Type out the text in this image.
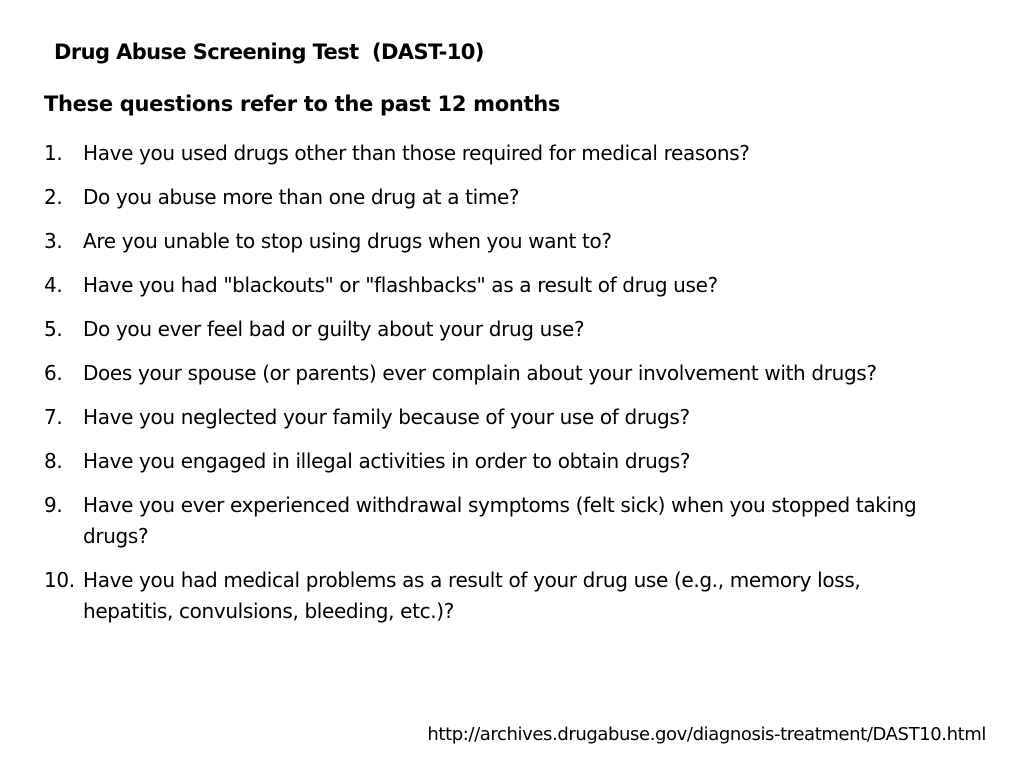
Drug Abuse Screening Test  (DAST-10)
These questions refer to the past 12 months
1.	Have you used drugs other than those required for medical reasons?
2.	Do you abuse more than one drug at a time?
3.	Are you unable to stop using drugs when you want to?
4.	Have you had "blackouts" or "flashbacks" as a result of drug use?
5.	Do you ever feel bad or guilty about your drug use?
6.	Does your spouse (or parents) ever complain about your involvement with drugs?
7.	Have you neglected your family because of your use of drugs?
8.	Have you engaged in illegal activities in order to obtain drugs?
9.	Have you ever experienced withdrawal symptoms (felt sick) when you stopped taking drugs?
10. Have you had medical problems as a result of your drug use (e.g., memory loss, hepatitis, convulsions, bleeding, etc.)?
http://archives.drugabuse.gov/diagnosis-treatment/DAST10.html
